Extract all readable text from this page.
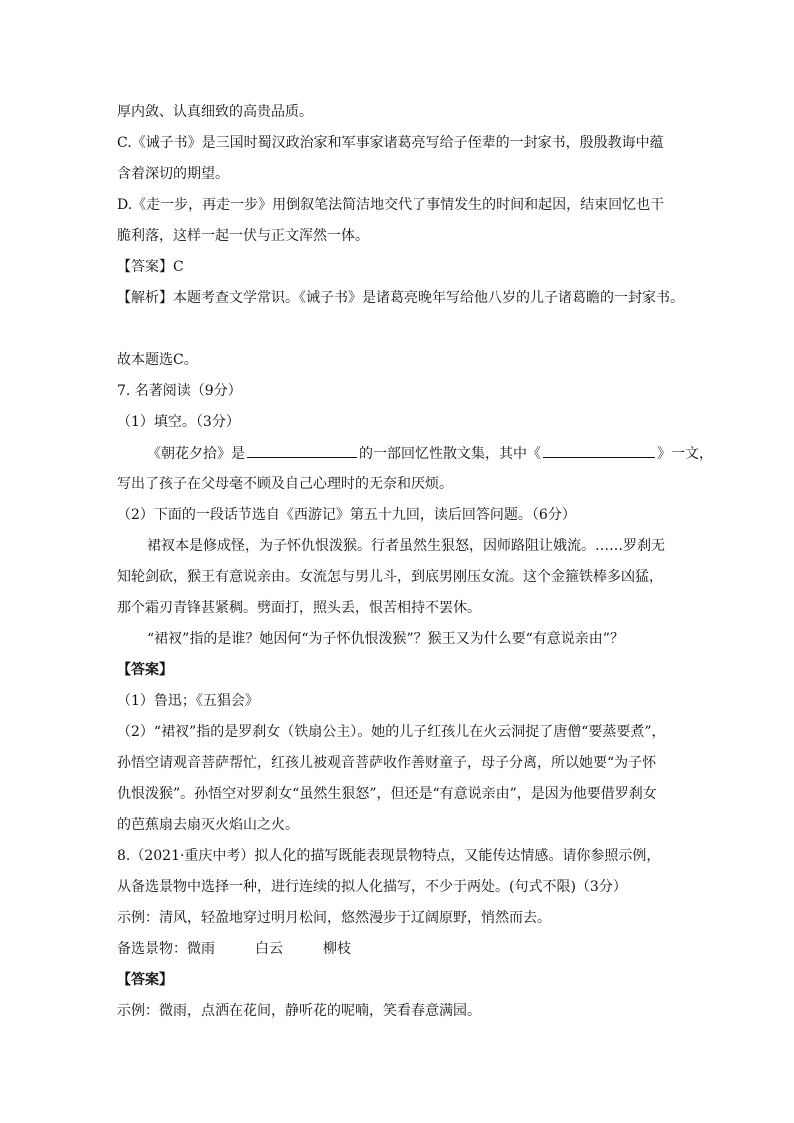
厚内敛、认真细致的高贵品质。
C.《诫子书》是三国时蜀汉政治家和军事家诸葛亮写给子侄辈的一封家书，殷殷教诲中蕴
含着深切的期望。
D.《走一步，再走一步》用倒叙笔法简洁地交代了事情发生的时间和起因，结束回忆也干
脆利落，这样一起一伏与正文浑然一体。
【答案】C
【解析】本题考查文学常识。《诫子书》是诸葛亮晚年写给他八岁的儿子诸葛瞻的一封家书。
故本题选C。
7. 名著阅读（9分）
（1）填空。（3分）
《朝花夕拾》是	的一部回忆性散文集，其中《	》一文，
写出了孩子在父母毫不顾及自己心理时的无奈和厌烦。
（2）下面的一段话节选自《西游记》第五十九回，读后回答问题。（6分）
裙衩本是修成怪，为子怀仇恨泼猴。行者虽然生狠怒，因师路阻让娥流。……罗刹无
知轮剑砍，猴王有意说亲由。女流怎与男儿斗，到底男刚压女流。这个金箍铁棒多凶猛，
那个霜刃青锋甚紧稠。劈面打，照头丢，恨苦相持不罢休。
“裙衩”指的是谁？她因何“为子怀仇恨泼猴”？猴王又为什么要“有意说亲由”？
【答案】
（1）鲁迅；《五猖会》
（2）“裙衩”指的是罗刹女（铁扇公主）。她的儿子红孩儿在火云洞捉了唐僧“要蒸要煮”，
孙悟空请观音菩萨帮忙，红孩儿被观音菩萨收作善财童子，母子分离，所以她要“为子怀
仇恨泼猴”。孙悟空对罗刹女“虽然生狠怒”，但还是“有意说亲由”，是因为他要借罗刹女
的芭蕉扇去扇灭火焰山之火。
8.（2021·重庆中考）拟人化的描写既能表现景物特点，又能传达情感。请你参照示例，
从备选景物中选择一种，进行连续的拟人化描写，不少于两处。(句式不限)（3分）
示例：清风，轻盈地穿过明月松间，悠然漫步于辽阔原野，悄然而去。
备选景物：微雨	白云	柳枝
【答案】
示例：微雨，点洒在花间，静听花的呢喃，笑看春意满园。
